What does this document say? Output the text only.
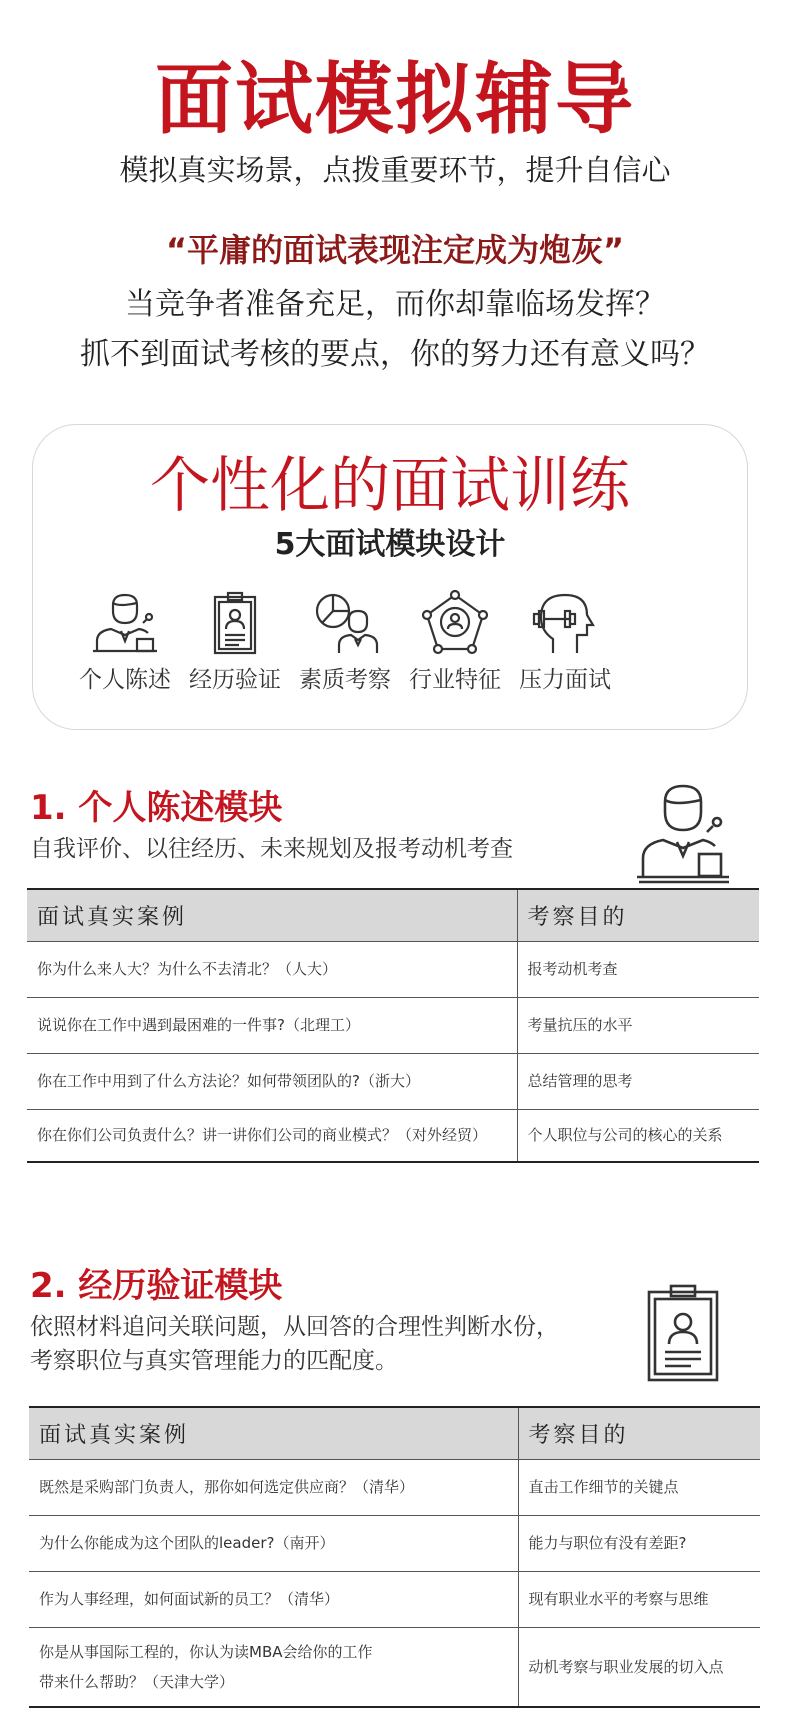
面试模拟辅导
模拟真实场景，点拨重要环节，提升自信心
“平庸的面试表现注定成为炮灰”
当竞争者准备充足，而你却靠临场发挥？
抓不到面试考核的要点，你的努力还有意义吗？
个性化的面试训练
5大面试模块设计
个人陈述 经历验证 素质考察 行业特征 压力面试
1. 个人陈述模块
自我评价、以往经历、未来规划及报考动机考查
面试真实案例	考察目的
你为什么来人大？为什么不去清北？（人大）	报考动机考查
说说你在工作中遇到最困难的一件事?（北理工）	考量抗压的水平
你在工作中用到了什么方法论？如何带领团队的?（浙大）	总结管理的思考
你在你们公司负责什么？讲一讲你们公司的商业模式？（对外经贸）	个人职位与公司的核心的关系
2. 经历验证模块
依照材料追问关联问题，从回答的合理性判断水份，
考察职位与真实管理能力的匹配度。
面试真实案例	考察目的
既然是采购部门负责人，那你如何选定供应商？（清华）	直击工作细节的关键点
为什么你能成为这个团队的leader?（南开）	能力与职位有没有差距?
作为人事经理，如何面试新的员工？（清华）	现有职业水平的考察与思维

你是从事国际工程的，你认为读MBA会给你的工作
带来什么帮助？（天津大学）	动机考察与职业发展的切入点
